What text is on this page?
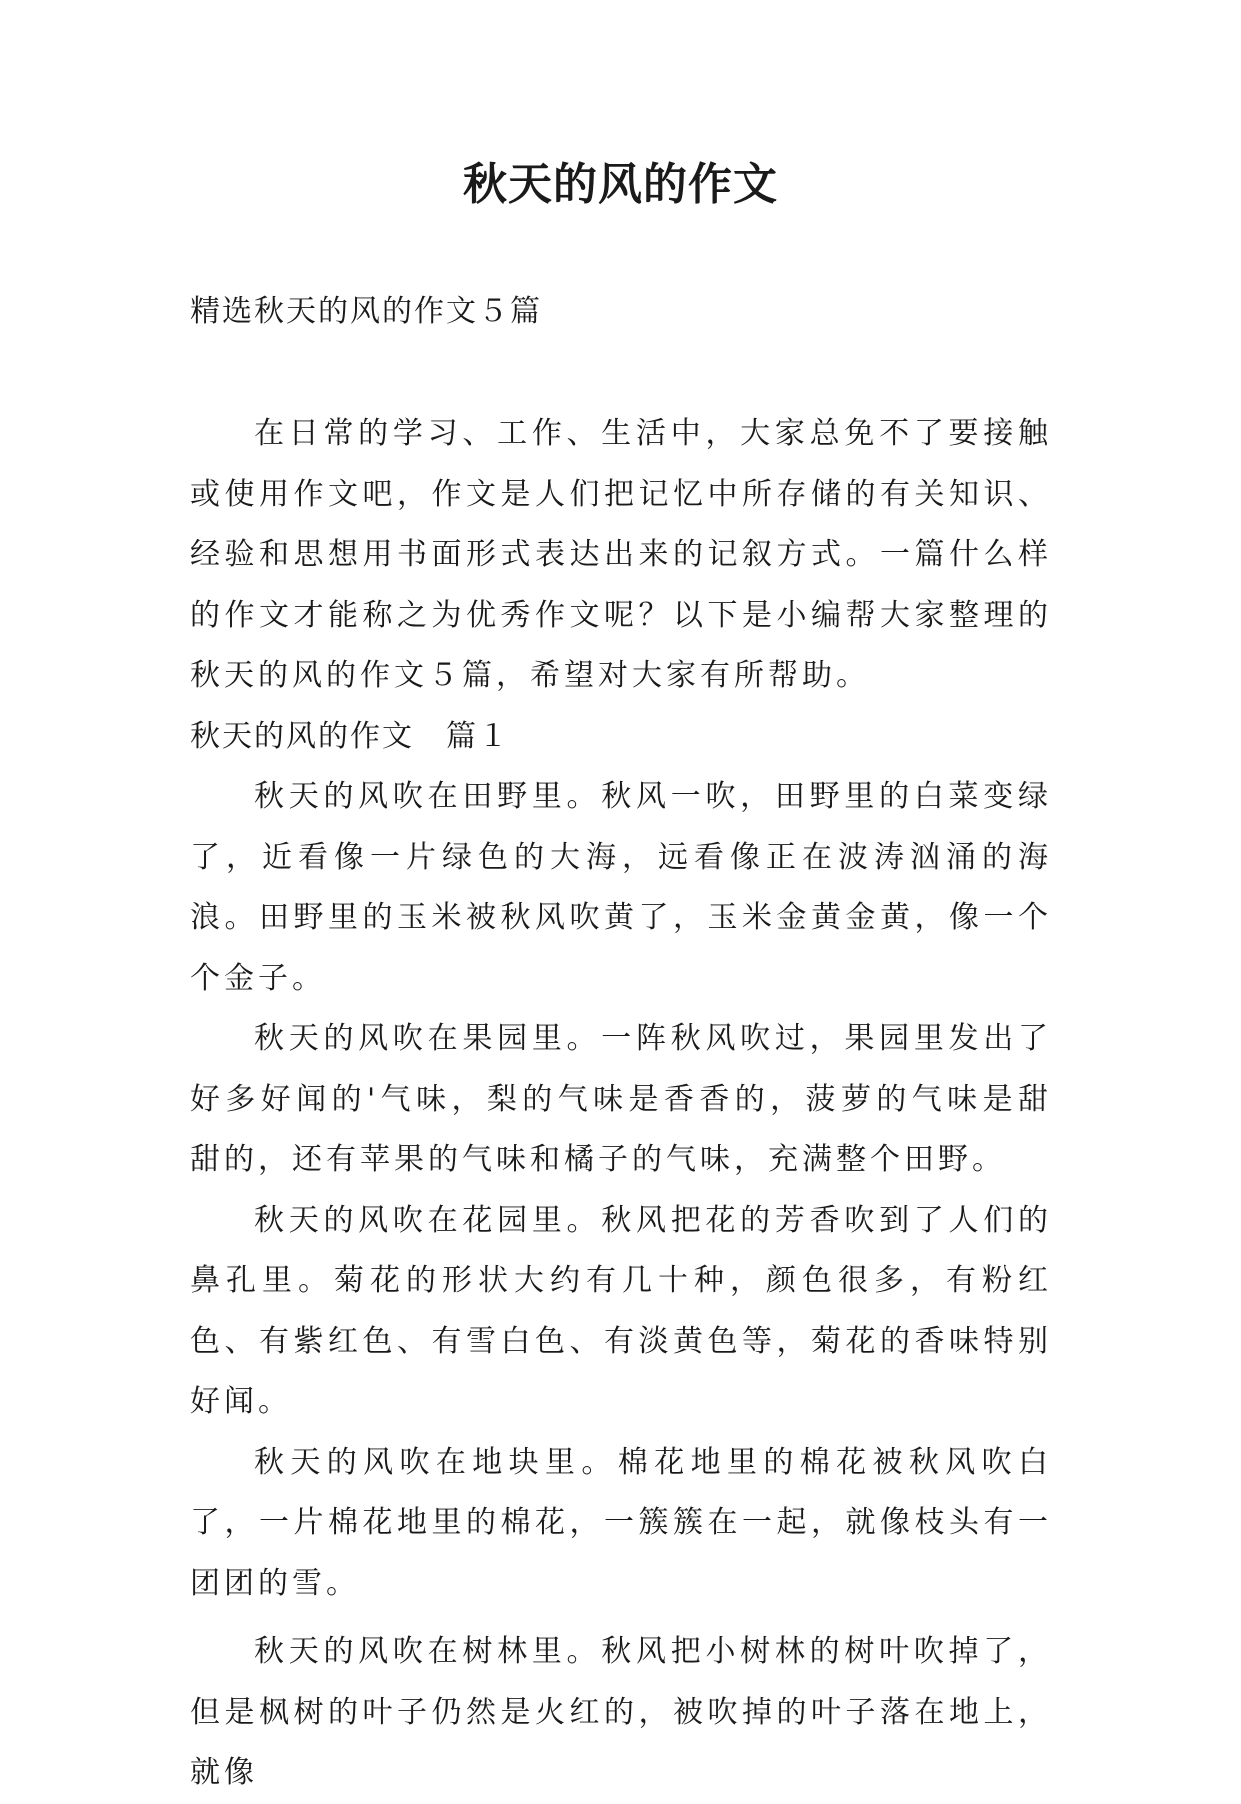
秋天的风的作文
精选秋天的风的作文５篇

在日常的学习、工作、生活中，大家总免不了要接触或使用作文吧，作文是人们把记忆中所存储的有关知识、经验和思想用书面形式表达出来的记叙方式。一篇什么样的作文才能称之为优秀作文呢？以下是小编帮大家整理的秋天的风的作文５篇，希望对大家有所帮助。

秋天的风的作文　篇１

秋天的风吹在田野里。秋风一吹，田野里的白菜变绿了，近看像一片绿色的大海，远看像正在波涛汹涌的海浪。田野里的玉米被秋风吹黄了，玉米金黄金黄，像一个个金子。

秋天的风吹在果园里。一阵秋风吹过，果园里发出了好多好闻的'气味，梨的气味是香香的，菠萝的气味是甜甜的，还有苹果的气味和橘子的气味，充满整个田野。

秋天的风吹在花园里。秋风把花的芳香吹到了人们的鼻孔里。菊花的形状大约有几十种，颜色很多，有粉红色、有紫红色、有雪白色、有淡黄色等，菊花的香味特别好闻。

秋天的风吹在地块里。棉花地里的棉花被秋风吹白了，一片棉花地里的棉花，一簇簇在一起，就像枝头有一团团的雪。

秋天的风吹在树林里。秋风把小树林的树叶吹掉了，但是枫树的叶子仍然是火红的，被吹掉的叶子落在地上，就像
